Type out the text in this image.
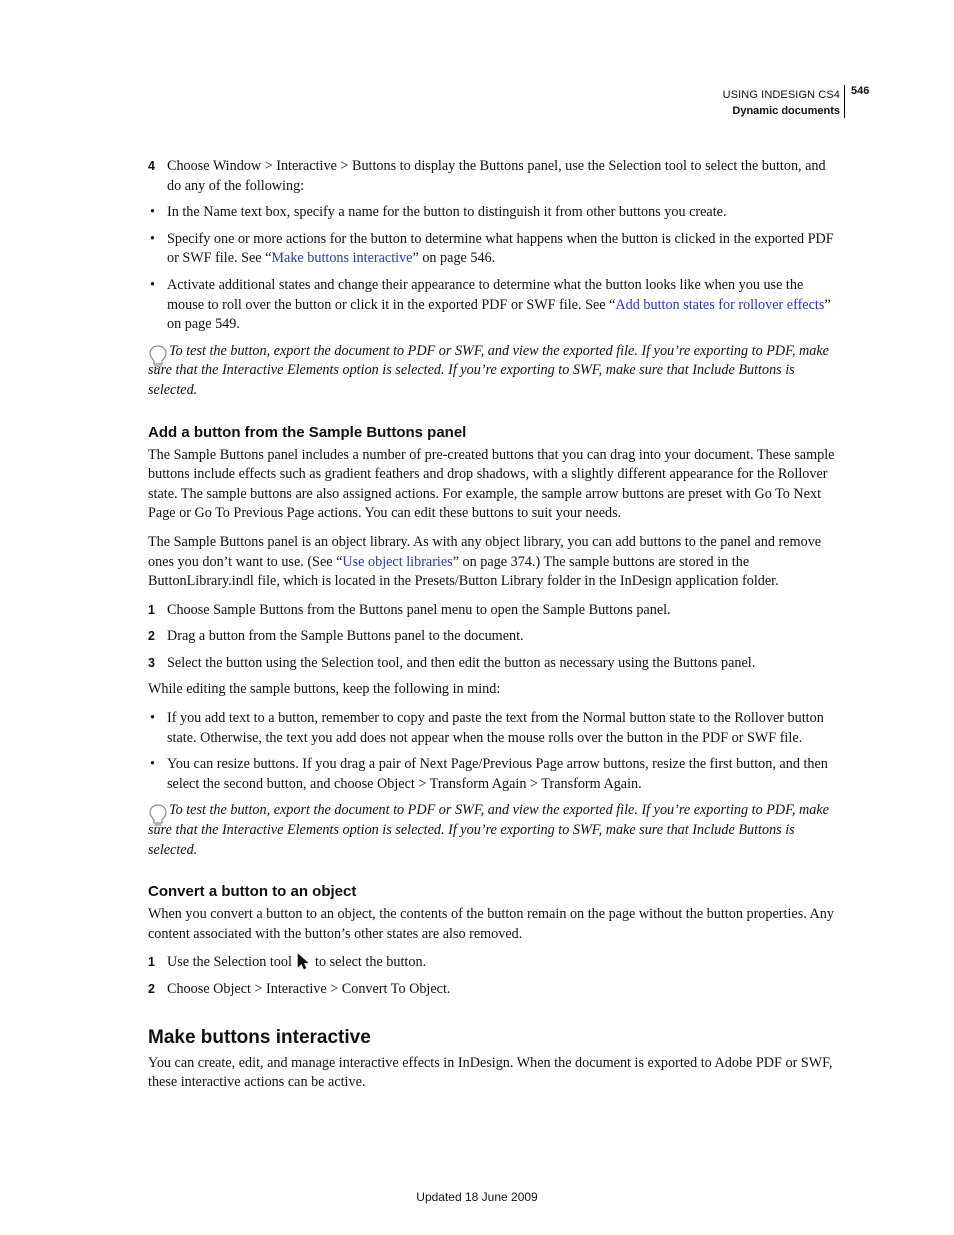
USING INDESIGN CS4
Dynamic documents
546

4 Choose Window > Interactive > Buttons to display the Buttons panel, use the Selection tool to select the button, and do any of the following:

• In the Name text box, specify a name for the button to distinguish it from other buttons you create.

• Specify one or more actions for the button to determine what happens when the button is clicked in the exported PDF or SWF file. See “Make buttons interactive” on page 546.

• Activate additional states and change their appearance to determine what the button looks like when you use the mouse to roll over the button or click it in the exported PDF or SWF file. See “Add button states for rollover effects” on page 549.

To test the button, export the document to PDF or SWF, and view the exported file. If you’re exporting to PDF, make sure that the Interactive Elements option is selected. If you’re exporting to SWF, make sure that Include Buttons is selected.

Add a button from the Sample Buttons panel

The Sample Buttons panel includes a number of pre-created buttons that you can drag into your document. These sample buttons include effects such as gradient feathers and drop shadows, with a slightly different appearance for the Rollover state. The sample buttons are also assigned actions. For example, the sample arrow buttons are preset with Go To Next Page or Go To Previous Page actions. You can edit these buttons to suit your needs.

The Sample Buttons panel is an object library. As with any object library, you can add buttons to the panel and remove ones you don’t want to use. (See “Use object libraries” on page 374.) The sample buttons are stored in the ButtonLibrary.indl file, which is located in the Presets/Button Library folder in the InDesign application folder.

1 Choose Sample Buttons from the Buttons panel menu to open the Sample Buttons panel.

2 Drag a button from the Sample Buttons panel to the document.

3 Select the button using the Selection tool, and then edit the button as necessary using the Buttons panel.

While editing the sample buttons, keep the following in mind:

• If you add text to a button, remember to copy and paste the text from the Normal button state to the Rollover button state. Otherwise, the text you add does not appear when the mouse rolls over the button in the PDF or SWF file.

• You can resize buttons. If you drag a pair of Next Page/Previous Page arrow buttons, resize the first button, and then select the second button, and choose Object > Transform Again > Transform Again.

To test the button, export the document to PDF or SWF, and view the exported file. If you’re exporting to PDF, make sure that the Interactive Elements option is selected. If you’re exporting to SWF, make sure that Include Buttons is selected.

Convert a button to an object

When you convert a button to an object, the contents of the button remain on the page without the button properties. Any content associated with the button’s other states are also removed.

1 Use the Selection tool to select the button.

2 Choose Object > Interactive > Convert To Object.

Make buttons interactive

You can create, edit, and manage interactive effects in InDesign. When the document is exported to Adobe PDF or SWF, these interactive actions can be active.

Updated 18 June 2009
